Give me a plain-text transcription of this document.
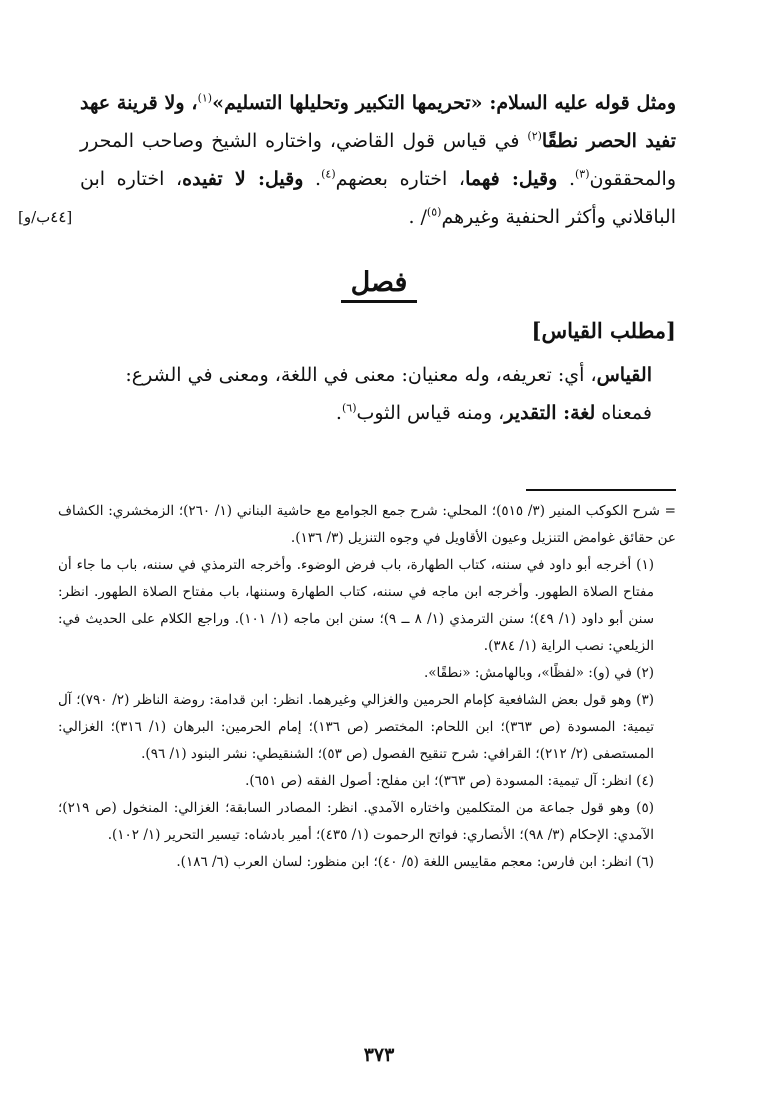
ومثل قوله عليه السلام: «تحريمها التكبير وتحليلها التسليم»$^{(١)}$، ولا قرينة عهد تفيد الحصر نطقًا$^{(٢)}$ في قياس قول القاضي، واختاره الشيخ وصاحب المحرر والمحققون$^{(٣)}$. وقيل: فهما، اختاره بعضهم$^{(٤)}$. وقيل: لا تفيده، اختاره ابن الباقلاني وأكثر الحنفية وغيرهم$^{(٥)}$/ .

[٤٤ب/و]
فصل
[مطلب القياس]

القياس، أي: تعريفه، وله معنيان: معنى في اللغة، ومعنى في الشرع:

فمعناه لغة: التقدير، ومنه قياس الثوب$^{(٦)}$.

= شرح الكوكب المنير (٣/ ٥١٥)؛ المحلي: شرح جمع الجوامع مع حاشية البناني (١/ ٢٦٠)؛ الزمخشري: الكشاف عن حقائق غوامض التنزيل وعيون الأقاويل في وجوه التنزيل (٣/ ١٣٦).

(١) أخرجه أبو داود في سننه، كتاب الطهارة، باب فرض الوضوء. وأخرجه الترمذي في سننه، باب ما جاء أن مفتاح الصلاة الطهور. وأخرجه ابن ماجه في سننه، كتاب الطهارة وسننها، باب مفتاح الصلاة الطهور. انظر: سنن أبو داود (١/ ٤٩)؛ سنن الترمذي (١/ ٨ ــ ٩)؛ سنن ابن ماجه (١/ ١٠١). وراجع الكلام على الحديث في: الزيلعي: نصب الراية (١/ ٣٨٤).

(٢) في (و): «لفظًا»، وبالهامش: «نطقًا».

(٣) وهو قول بعض الشافعية كإمام الحرمين والغزالي وغيرهما. انظر: ابن قدامة: روضة الناظر (٢/ ٧٩٠)؛ آل تيمية: المسودة (ص ٣٦٣)؛ ابن اللحام: المختصر (ص ١٣٦)؛ إمام الحرمين: البرهان (١/ ٣١٦)؛ الغزالي: المستصفى (٢/ ٢١٢)؛ القرافي: شرح تنقيح الفصول (ص ٥٣)؛ الشنقيطي: نشر البنود (١/ ٩٦).

(٤) انظر: آل تيمية: المسودة (ص ٣٦٣)؛ ابن مفلح: أصول الفقه (ص ٦٥١).

(٥) وهو قول جماعة من المتكلمين واختاره الآمدي. انظر: المصادر السابقة؛ الغزالي: المنخول (ص ٢١٩)؛ الآمدي: الإحكام (٣/ ٩٨)؛ الأنصاري: فواتح الرحموت (١/ ٤٣٥)؛ أمير بادشاه: تيسير التحرير (١/ ١٠٢).

(٦) انظر: ابن فارس: معجم مقاييس اللغة (٥/ ٤٠)؛ ابن منظور: لسان العرب (٦/ ١٨٦).

٣٧٣
